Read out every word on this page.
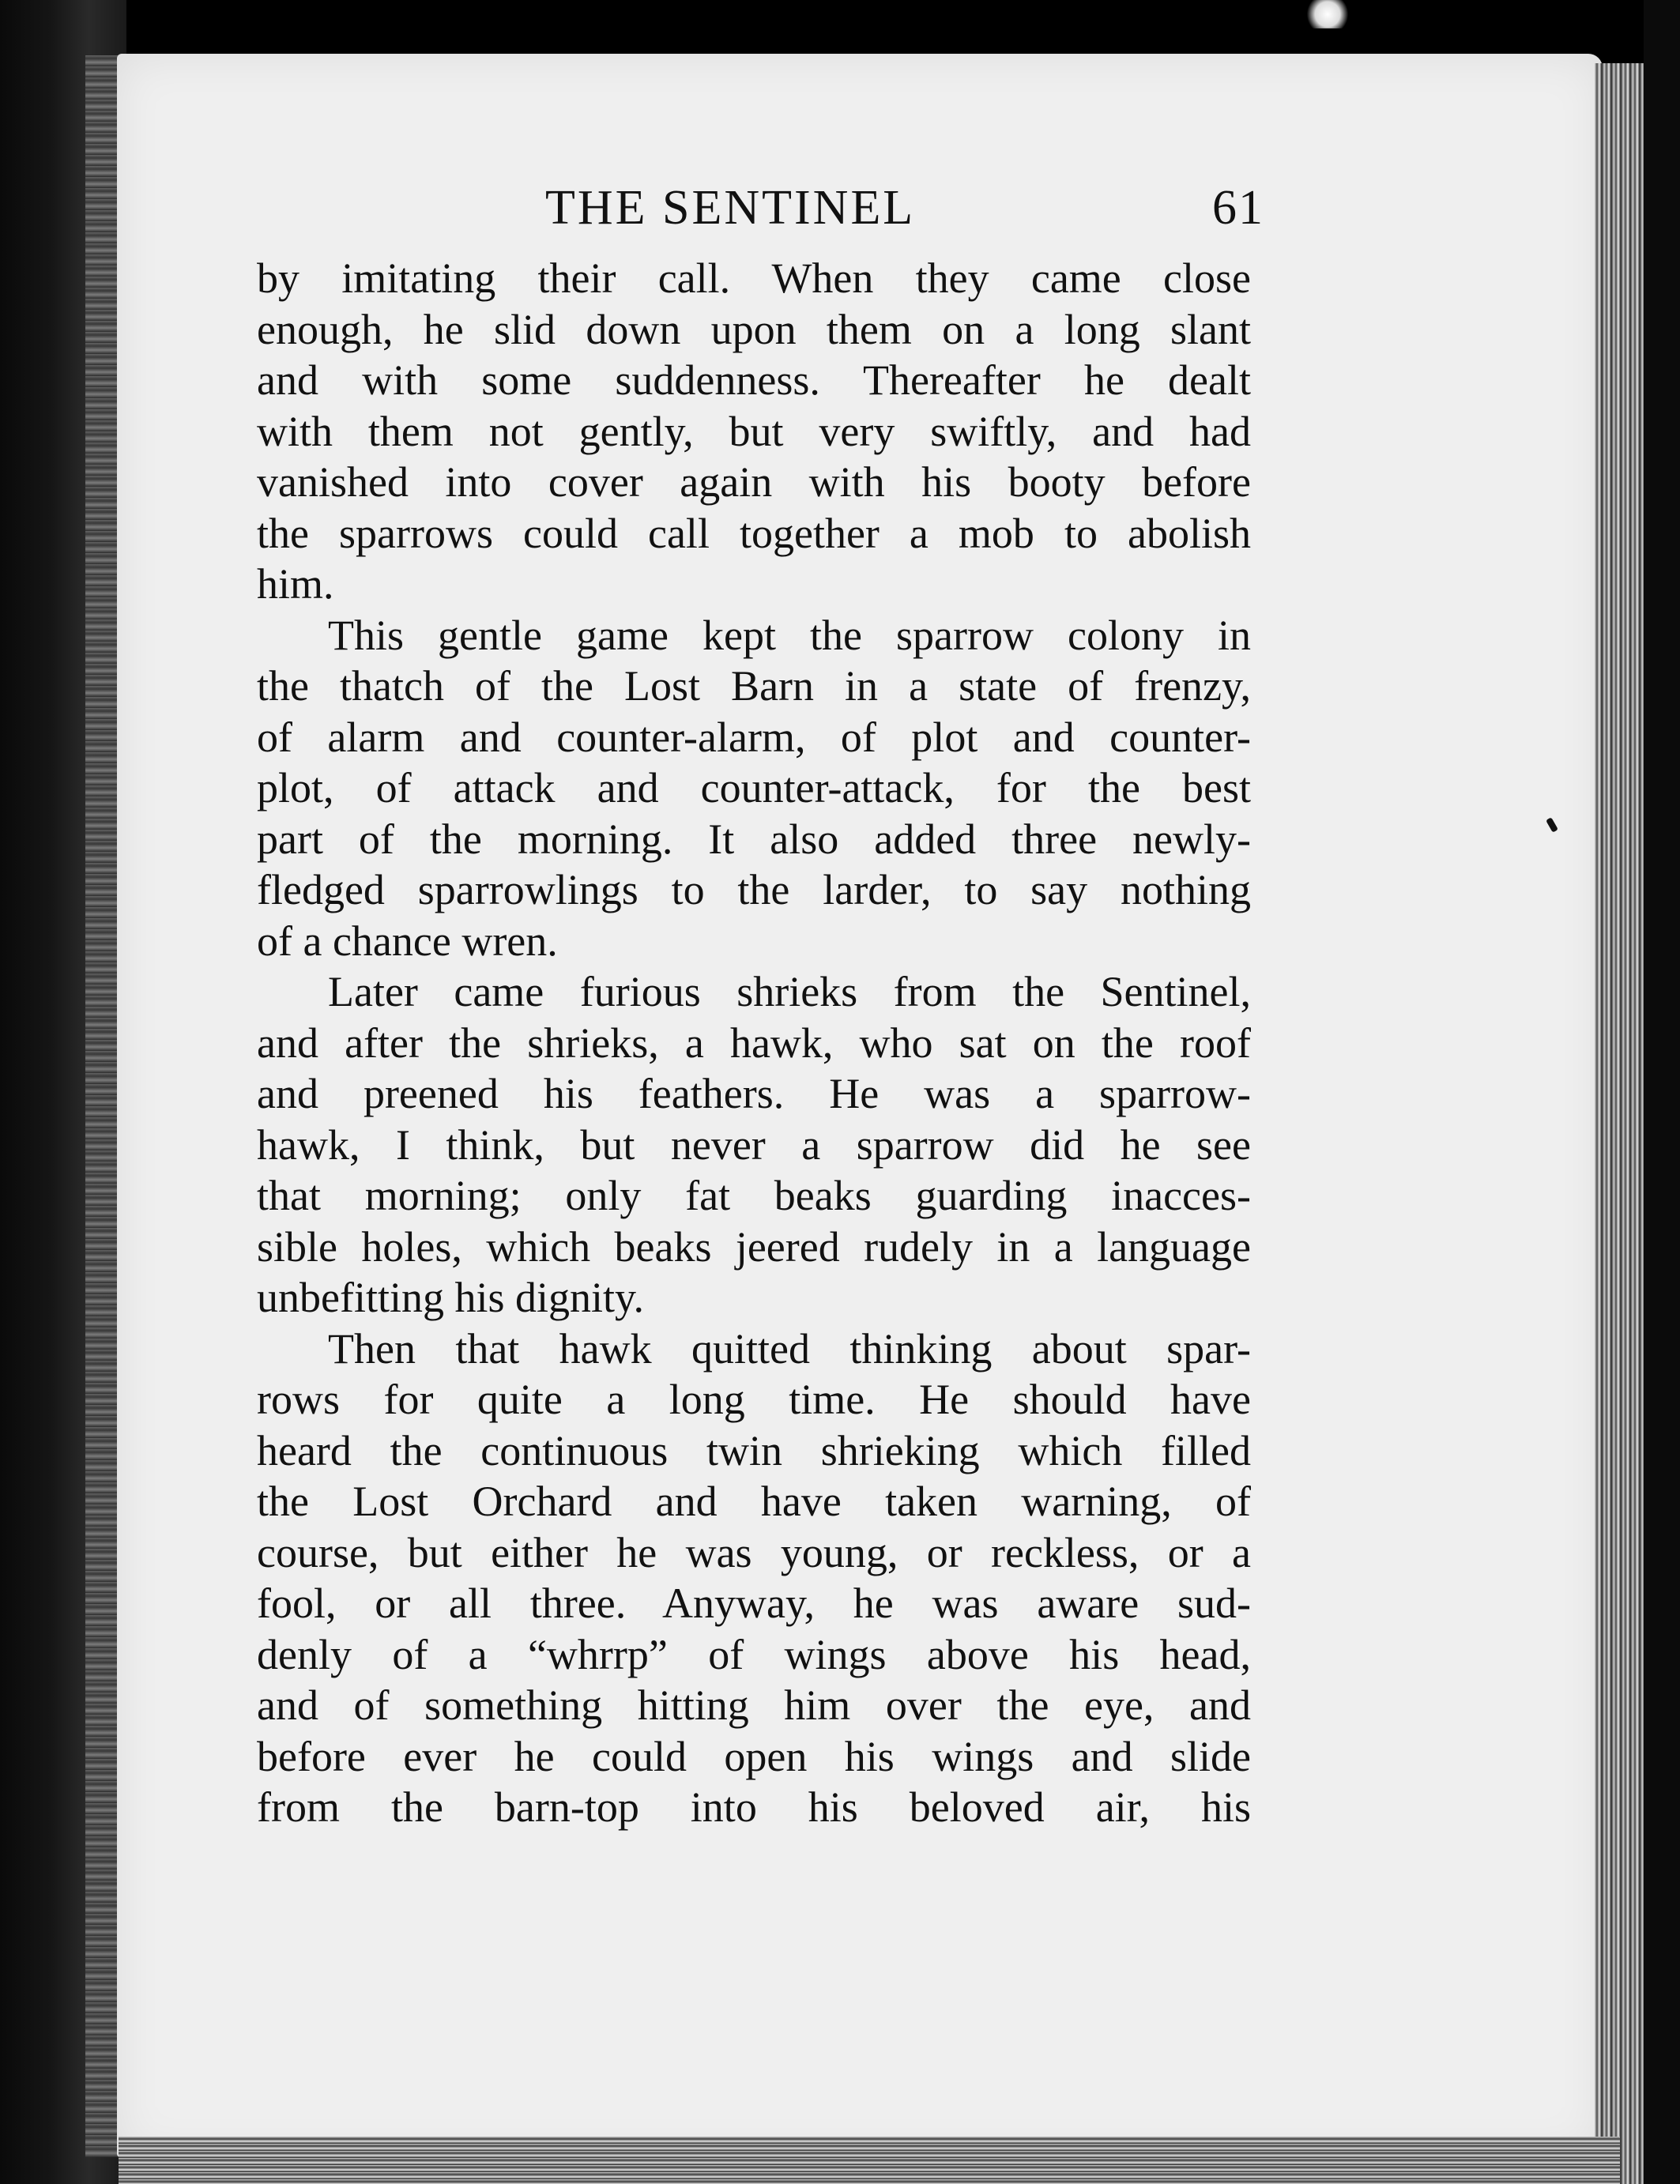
THE SENTINEL	61
by imitating their call. When they came close
enough, he slid down upon them on a long slant
and with some suddenness. Thereafter he dealt
with them not gently, but very swiftly, and had
vanished into cover again with his booty before
the sparrows could call together a mob to abolish
him.
This gentle game kept the sparrow colony in
the thatch of the Lost Barn in a state of frenzy,
of alarm and counter-alarm, of plot and counter-
plot, of attack and counter-attack, for the best
part of the morning. It also added three newly-
fledged sparrowlings to the larder, to say nothing
of a chance wren.
Later came furious shrieks from the Sentinel,
and after the shrieks, a hawk, who sat on the roof
and preened his feathers. He was a sparrow-
hawk, I think, but never a sparrow did he see
that morning; only fat beaks guarding inacces-
sible holes, which beaks jeered rudely in a language
unbefitting his dignity.
Then that hawk quitted thinking about spar-
rows for quite a long time. He should have
heard the continuous twin shrieking which filled
the Lost Orchard and have taken warning, of
course, but either he was young, or reckless, or a
fool, or all three. Anyway, he was aware sud-
denly of a “whrrp” of wings above his head,
and of something hitting him over the eye, and
before ever he could open his wings and slide
from the barn-top into his beloved air, his
